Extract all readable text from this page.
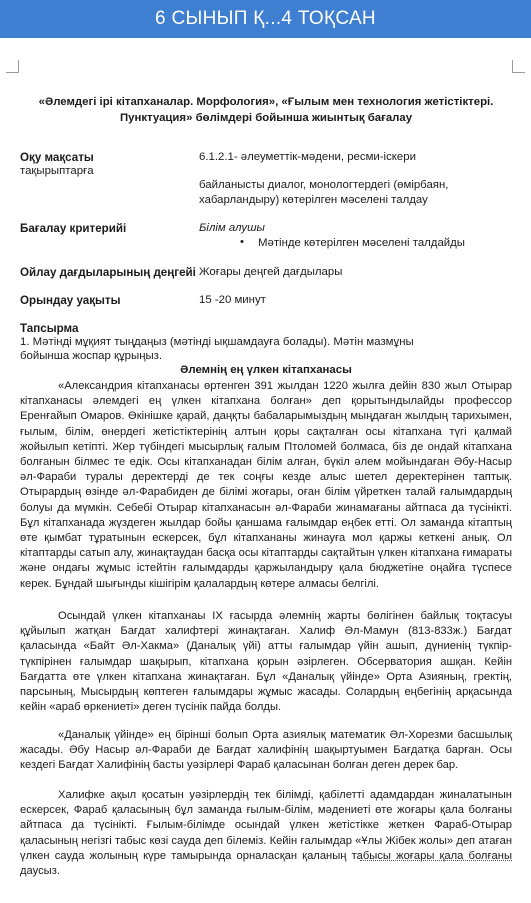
6 СЫНЫП Қ...4 ТОҚСАН
«Әлемдегі ірі кітапханалар. Морфология», «Ғылым мен технология жетістіктері.
Пунктуация» бөлімдері бойынша жиынтық бағалау
Оқу мақсаты
тақырыптарға
6.1.2.1- әлеуметтік-мәдени, ресми-іскери
байланысты диалог, монологтердегі (өмірбаян,
хабарландыру) көтерілген мәселені талдау
Бағалау критерийі	Білім алушы
• Мәтінде көтерілген мәселені талдайды
Ойлау дағдыларының деңгейі Жоғары деңгей дағдылары
Орындау уақыты	15 -20 минут
Тапсырма
1. Мәтінді мұқият тыңдаңыз (мәтінді ықшамдауға болады). Мәтін мазмұны
бойынша жоспар құрыңыз.
Әлемнің ең үлкен кітапханасы
«Александрия кітапханасы өртенген 391 жылдан 1220 жылға дейін 830 жыл Отырар кітапханасы әлемдегі ең үлкен кітапхана болған» деп қорытындылайды профессор Еренғайып Омаров. Өкінішке қарай, даңқты бабаларымыздың мыңдаған жылдың тарихымен, ғылым, білім, өнердегі жетістіктерінің алтын қоры сақталған осы кітапхана түгі қалмай жойылып кетіпті. Жер түбіндегі мысырлық ғалым Птоломей болмаса, біз де ондай кітапхана болғанын білмес те едік. Осы кітапханадан білім алған, бүкіл әлем мойындаған Әбу-Насыр әл-Фараби туралы деректерді де тек соңғы кезде алыс шетел деректерінен таптық. Отырардың өзінде әл-Фарабиден де білімі жоғары, оған білім үйреткен талай ғалымдардың болуы да мүмкін. Себебі Отырар кітапханасын әл-Фараби жинамағаны айтпаса да түсінікті. Бұл кітапханада жүздеген жылдар бойы қаншама ғалымдар еңбек етті. Ол заманда кітаптың өте қымбат тұратынын ескерсек, бұл кітапхананы жинауға мол қаржы кеткені анық. Ол кітаптарды сатып алу, жинақтаудан басқа осы кітаптарды сақтайтын үлкен кітапхана ғимараты және ондағы жұмыс істейтін ғалымдарды қаржыландыру қала бюджетіне оңайға түспесе керек. Бұндай шығынды кішігірім қалалардың көтере алмасы белгілі.
Осындай үлкен кітапханаы IX ғасырда әлемнің жарты бөлігінен байлық тоқтасуы құйылып жатқан Бағдат халифтері жинақтаған. Халиф Әл-Мамун (813-833ж.) Бағдат қаласында «Байт Әл-Хакма» (Даналық үйі) атты ғалымдар үйін ашып, дүниенің түкпір-түкпірінен ғалымдар шақырып, кітапхана қорын әзірлеген. Обсерватория ашқан. Кейін Бағдатта өте үлкен кітапхана жинақтаған. Бұл «Даналық үйінде» Орта Азияның, гректің, парсының, Мысырдың көптеген ғалымдары жұмыс жасады. Солардың еңбегінің арқасында кейін «араб өркениеті» деген түсінік пайда болды.
«Даналық үйінде» ең бірінші болып Орта азиялық математик Әл-Хорезми басшылық жасады. Әбу Насыр әл-Фараби де Бағдат халифінің шақыртуымен Бағдатқа барған. Осы кездегі Бағдат Халифінің басты уәзірлері Фараб қаласынан болған деген дерек бар.
Халифке ақыл қосатын уәзірлердің тек білімді, қабілетті адамдардан жиналатынын ескерсек, Фараб қаласының бұл заманда ғылым-білім, мәдениеті өте жоғары қала болғаны айтпаса да түсінікті. Ғылым-білімде осындай үлкен жетістікке жеткен Фараб-Отырар қаласының негізгі табыс көзі сауда деп білеміз. Кейін ғалымдар «Ұлы Жібек жолы» деп атаған үлкен сауда жолының күре тамырында орналасқан қаланың табысы жоғары қала болғаны даусыз.
